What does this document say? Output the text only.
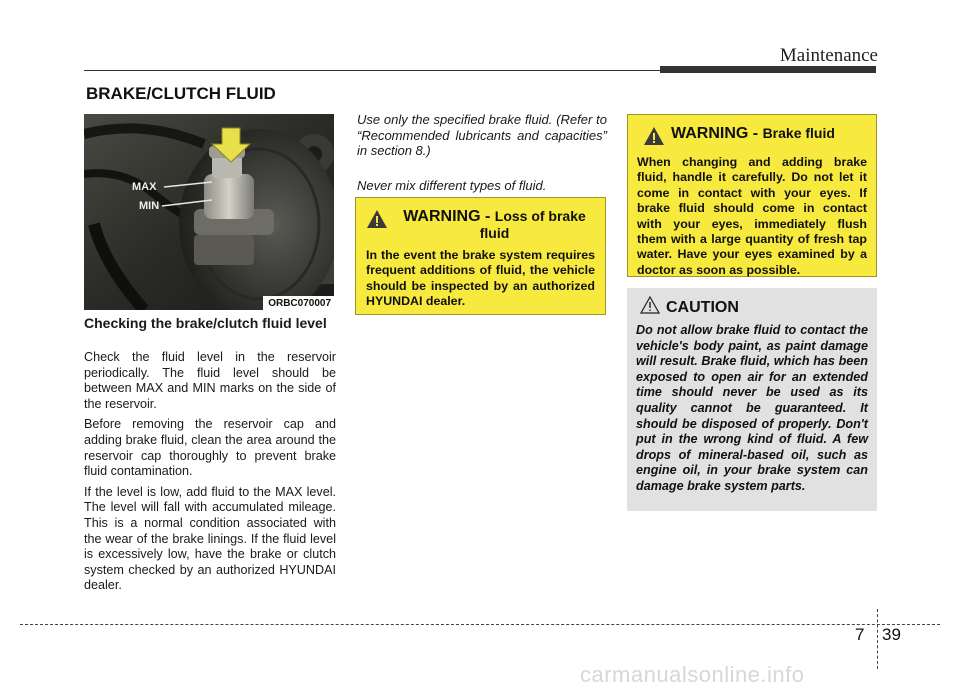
Maintenance
BRAKE/CLUTCH FLUID
MAX
MIN
ORBC070007
Checking the brake/clutch fluid level

Check the fluid level in the reservoir periodically. The fluid level should be between MAX and MIN marks on the side of the reservoir.

Before removing the reservoir cap and adding brake fluid, clean the area around the reservoir cap thoroughly to prevent brake fluid contamination.

If the level is low, add fluid to the MAX level. The level will fall with accumulated mileage. This is a normal condition associated with the wear of the brake linings. If the fluid level is excessively low, have the brake or clutch system checked by an authorized HYUNDAI dealer.

Use only the specified brake fluid. (Refer to “Recommended lubricants and capacities” in section 8.)

Never mix different types of fluid.

WARNING - Loss of brake fluid
In the event the brake system requires frequent additions of fluid, the vehicle should be inspected by an authorized HYUNDAI dealer.
WARNING - Brake fluid
When changing and adding brake fluid, handle it carefully. Do not let it come in contact with your eyes. If brake fluid should come in contact with your eyes, immediately flush them with a large quantity of fresh tap water. Have your eyes examined by a doctor as soon as possible.
CAUTION
Do not allow brake fluid to contact the vehicle's body paint, as paint damage will result. Brake fluid, which has been exposed to open air for an extended time should never be used as its quality cannot be guaranteed. It should be disposed of properly. Don't put in the wrong kind of fluid. A few drops of mineral-based oil, such as engine oil, in your brake system can damage brake system parts.
7 39
carmanualsonline.info
